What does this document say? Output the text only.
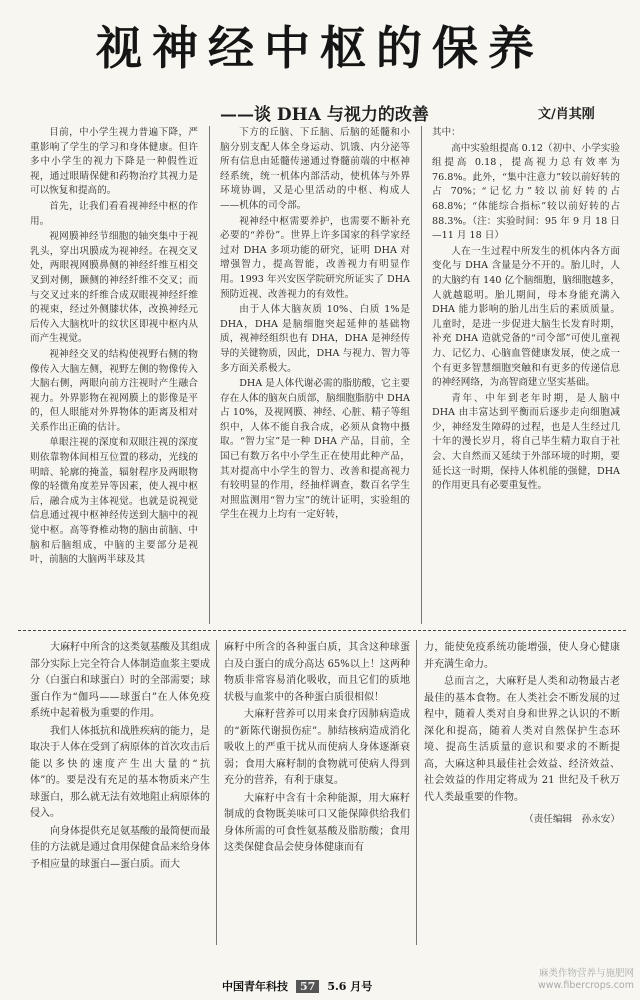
视神经中枢的保养
——谈 DHA 与视力的改善	文/肖其刚

目前，中小学生视力普遍下降，严重影响了学生的学习和身体健康。但许多中小学生的视力下降是一种假性近视，通过眼睛保健和药物治疗其视力是可以恢复和提高的。

首先，让我们看看视神经中枢的作用。

视网膜神经节细胞的轴突集中于视乳头，穿出巩膜成为视神经。在视交叉处，两眼视网膜鼻侧的神经纤维互相交叉到对侧，颞侧的神经纤维不交叉；而与交叉过来的纤维合成双眼视神经纤维的视束，经过外侧膝状体，改换神经元后传入大脑枕叶的纹状区即视中枢内从而产生视觉。

视神经交叉的结构使视野右侧的物像传入大脑左侧，视野左侧的物像传入大脑右侧，两眼向前方注视时产生融合视力。外界影物在视网膜上的影像是平的，但人眼能对外界物体的距离及相对关系作出正确的估计。

单眼注视的深度和双眼注视的深度则依靠物体间相互位置的移动，光线的明暗、轮廓的掩盖，辐射程序及两眼物像的轻微角度差异等因素，使人视中枢后，融合成为主体视觉。也就是说视觉信息通过视中枢神经传送到大脑中的视觉中枢。高等脊椎动物的脑由前脑、中脑和后脑组成，中脑的主要部分是视叶，前脑的大脑两半球及其

下方的丘脑、下丘脑、后脑的延髓和小脑分别支配人体全身运动、饥饿、内分泌等所有信息由延髓传递通过脊髓前端的中枢神经系统，统一机体内部活动，使机体与外界环境协调，又是心里活动的中枢、构成人——机体的司令部。

视神经中枢需要养护，也需要不断补充必要的“养份”。世界上许多国家的科学家经过对 DHA 多项功能的研究，证明 DHA 对增强智力，提高智能，改善视力有明显作用。1993 年兴安医学院研究所证实了 DHA 预防近视、改善视力的有效性。

由于人体大脑灰质 10%、白质 1%是 DHA，DHA 是脑细胞突起延伸的基础物质，视神经组织也有 DHA，DHA 是神经传导的关键物质，因此，DHA 与视力、智力等多方面关系极大。

DHA 是人体代谢必需的脂肪酸，它主要存在人体的脑灰白质部，脑细胞脂肪中 DHA 占 10%，及视网膜、神经、心脏、精子等组织中，人体不能自我合成，必须从食物中摄取。“智力宝”是一种 DHA 产品，目前，全国已有数万名中小学生正在使用此种产品，其对提高中小学生的智力、改善和提高视力有较明显的作用，经抽样调查，数百名学生对照监测用“智力宝”的统计证明，实验组的学生在视力上均有一定好转，

其中：

高中实验组提高 0.12（初中、小学实验组提高 0.18，提高视力总有效率为 76.8%。此外，“集中注意力”较以前好转的占 70%；“记忆力”较以前好转的占 68.8%；“体能综合指标”较以前好转的占 88.3%。（注：实验时间：95 年 9 月 18 日—11 月 18 日）

人在一生过程中所发生的机体内各方面变化与 DHA 含量是分不开的。胎儿时，人的大脑约有 140 亿个脑细胞，脑细胞越多，人就越聪明。胎儿期间，母本身能充满入 DHA 能力影响的胎儿出生后的素质质量。儿童时，是进一步促进大脑生长发育时期，补充 DHA 造就党备的“司令部”可使儿童视力、记忆力、心脑血管健康发展，使之成一个有更多智慧细胞突触和有更多的传递信息的神经网络，为高智商建立坚实基础。

青年、中年到老年时期，是人脑中 DHA 由丰富达到平衡而后逐步走向细胞减少，神经发生障碍的过程，也是人生经过几十年的漫长岁月，将自己毕生精力取自于社会、大自然而又延续于外部环境的时期，要延长这一时期，保持人体机能的强健，DHA 的作用更具有必要重复性。

大麻籽中所含的这类氨基酸及其组成部分实际上完全符合人体制造血浆主要成分（白蛋白和球蛋白）时的全部需要；球蛋白作为“伽玛——球蛋白”在人体免疫系统中起着极为重要的作用。

我们人体抵抗和战胜疾病的能力，是取决于人体在受到了病原体的首次攻击后能以多快的速度产生出大量的“抗体”的。要是没有充足的基本物质来产生球蛋白，那么就无法有效地阻止病原体的侵入。

向身体提供充足氨基酸的最简便而最佳的方法就是通过食用保健食品来给身体予相应量的球蛋白—蛋白质。而大

麻籽中所含的各种蛋白质，其含这种球蛋白及白蛋白的成分高达 65%以上！这两种物质非常容易消化吸收，而且它们的质地状极与血浆中的各种蛋白质很相似！

大麻籽营养可以用来食疗因肺病造成的“新陈代谢损伤症”。肺结核病造成消化吸收上的严重干扰从而使病人身体逐渐衰弱；食用大麻籽制的食物就可使病人得到充分的营养，有利于康复。

大麻籽中含有十余种能源，用大麻籽制成的食物既美味可口又能保障供给我们身体所需的可食性氨基酸及脂肪酸；食用这类保健食品会使身体健康而有

力，能使免疫系统功能增强，使人身心健康并充满生命力。

总而言之，大麻籽是人类和动物最古老最佳的基本食物。在人类社会不断发展的过程中，随着人类对自身和世界之认识的不断深化和提高，随着人类对自然保护生态环境、提高生活质量的意识和要求的不断提高，大麻这种具最佳社会效益、经济效益、社会效益的作用定将成为 21 世纪及千秋万代人类最重要的作物。

（责任编辑　孙永安）
中国青年科技 57 5.6 月号
麻类作物营养与施肥网
www.fibercrops.com
